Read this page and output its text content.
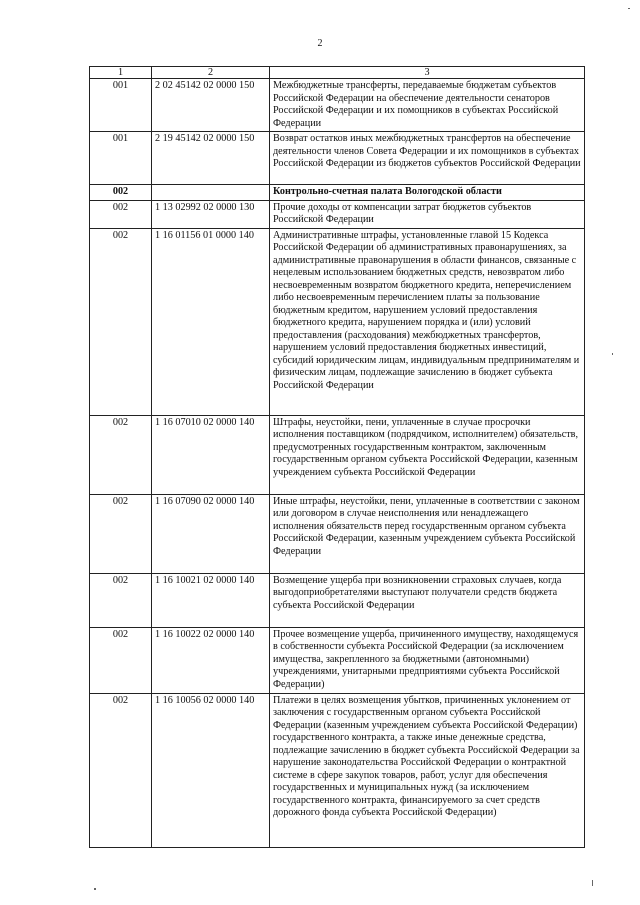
2
1	2	3
001	2 02 45142 02 0000 150	Межбюджетные трансферты, передаваемые бюджетам субъектов Российской Федерации на обеспечение деятельности сенаторов Российской Федерации и их помощников в субъектах Российской Федерации
001	2 19 45142 02 0000 150	Возврат остатков иных межбюджетных трансфертов на обеспечение деятельности членов Совета Федерации и их помощников в субъектах Российской Федерации из бюджетов субъектов Российской Федерации
002		Контрольно-счетная палата Вологодской области
002	1 13 02992 02 0000 130	Прочие доходы от компенсации затрат бюджетов субъектов Российской Федерации
002	1 16 01156 01 0000 140	Административные штрафы, установленные главой 15 Кодекса Российской Федерации об административных правонарушениях, за административные правонарушения в области финансов, связанные с нецелевым использованием бюджетных средств, невозвратом либо несвоевременным возвратом бюджетного кредита, неперечислением либо несвоевременным перечислением платы за пользование бюджетным кредитом, нарушением условий предоставления бюджетного кредита, нарушением порядка и (или) условий предоставления (расходования) межбюджетных трансфертов, нарушением условий предоставления бюджетных инвестиций, субсидий юридическим лицам, индивидуальным предпринимателям и физическим лицам, подлежащие зачислению в бюджет субъекта Российской Федерации
002	1 16 07010 02 0000 140	Штрафы, неустойки, пени, уплаченные в случае просрочки исполнения поставщиком (подрядчиком, исполнителем) обязательств, предусмотренных государственным контрактом, заключенным государственным органом субъекта Российской Федерации, казенным учреждением субъекта Российской Федерации
002	1 16 07090 02 0000 140	Иные штрафы, неустойки, пени, уплаченные в соответствии с законом или договором в случае неисполнения или ненадлежащего исполнения обязательств перед государственным органом субъекта Российской Федерации, казенным учреждением субъекта Российской Федерации
002	1 16 10021 02 0000 140	Возмещение ущерба при возникновении страховых случаев, когда выгодоприобретателями выступают получатели средств бюджета субъекта Российской Федерации
002	1 16 10022 02 0000 140	Прочее возмещение ущерба, причиненного имуществу, находящемуся в собственности субъекта Российской Федерации (за исключением имущества, закрепленного за бюджетными (автономными) учреждениями, унитарными предприятиями субъекта Российской Федерации)
002	1 16 10056 02 0000 140	Платежи в целях возмещения убытков, причиненных уклонением от заключения с государственным органом субъекта Российской Федерации (казенным учреждением субъекта Российской Федерации) государственного контракта, а также иные денежные средства, подлежащие зачислению в бюджет субъекта Российской Федерации за нарушение законодательства Российской Федерации о контрактной системе в сфере закупок товаров, работ, услуг для обеспечения государственных и муниципальных нужд (за исключением государственного контракта, финансируемого за счет средств дорожного фонда субъекта Российской Федерации)
